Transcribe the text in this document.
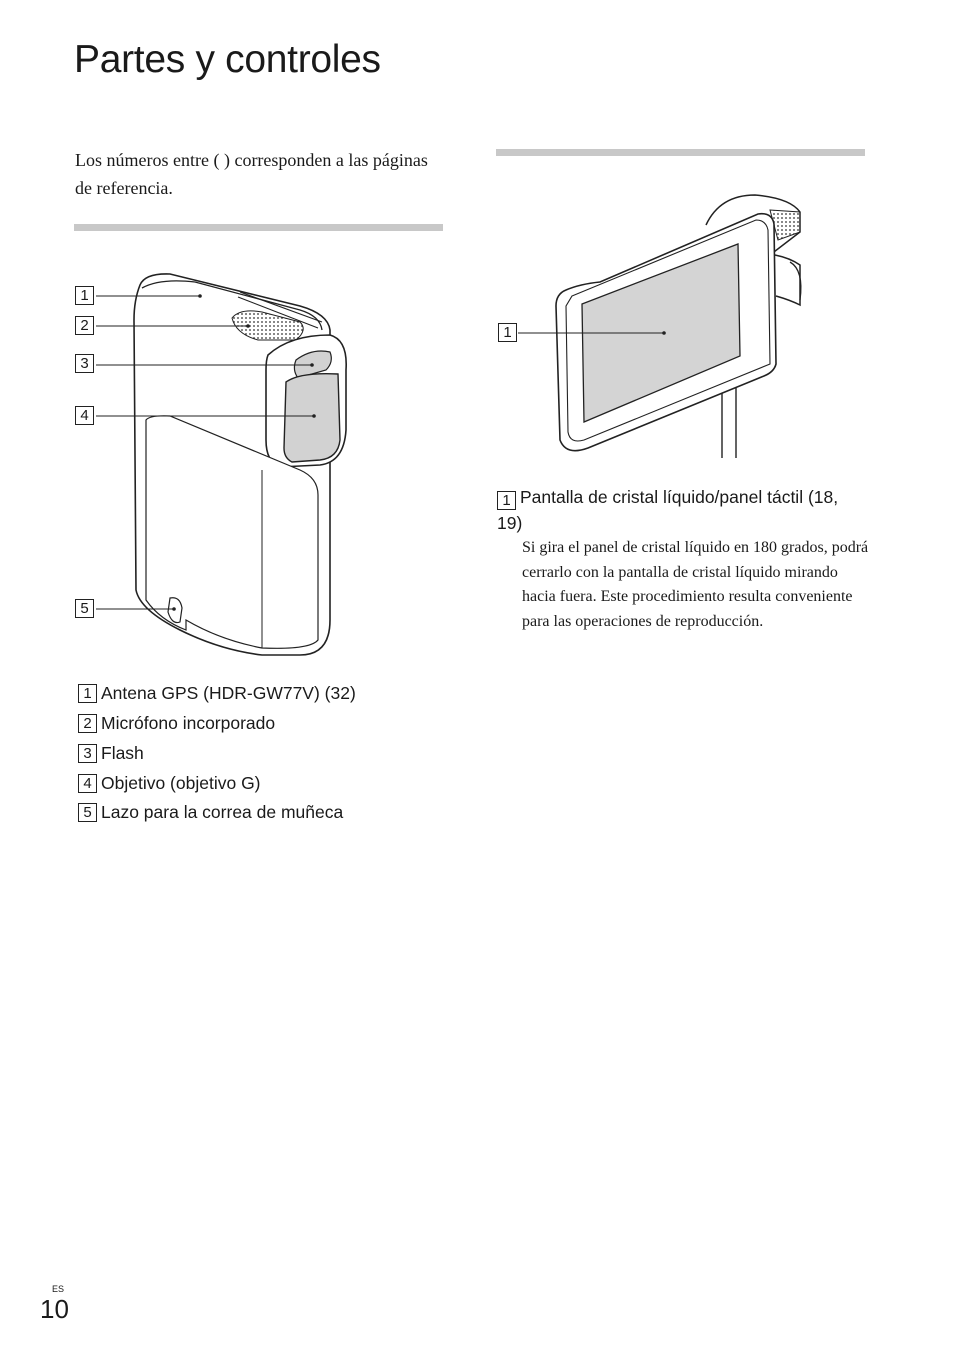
Partes y controles
Los números entre ( ) corresponden a las páginas de referencia.
1
2
3
4
5
1
1 Antena GPS (HDR-GW77V) (32)
2 Micrófono incorporado
3 Flash
4 Objetivo (objetivo G)
5 Lazo para la correa de muñeca
1 Pantalla de cristal líquido/panel táctil (18, 19)
Si gira el panel de cristal líquido en 180 grados, podrá cerrarlo con la pantalla de cristal líquido mirando hacia fuera. Este procedimiento resulta conveniente para las operaciones de reproducción.
ES
10
